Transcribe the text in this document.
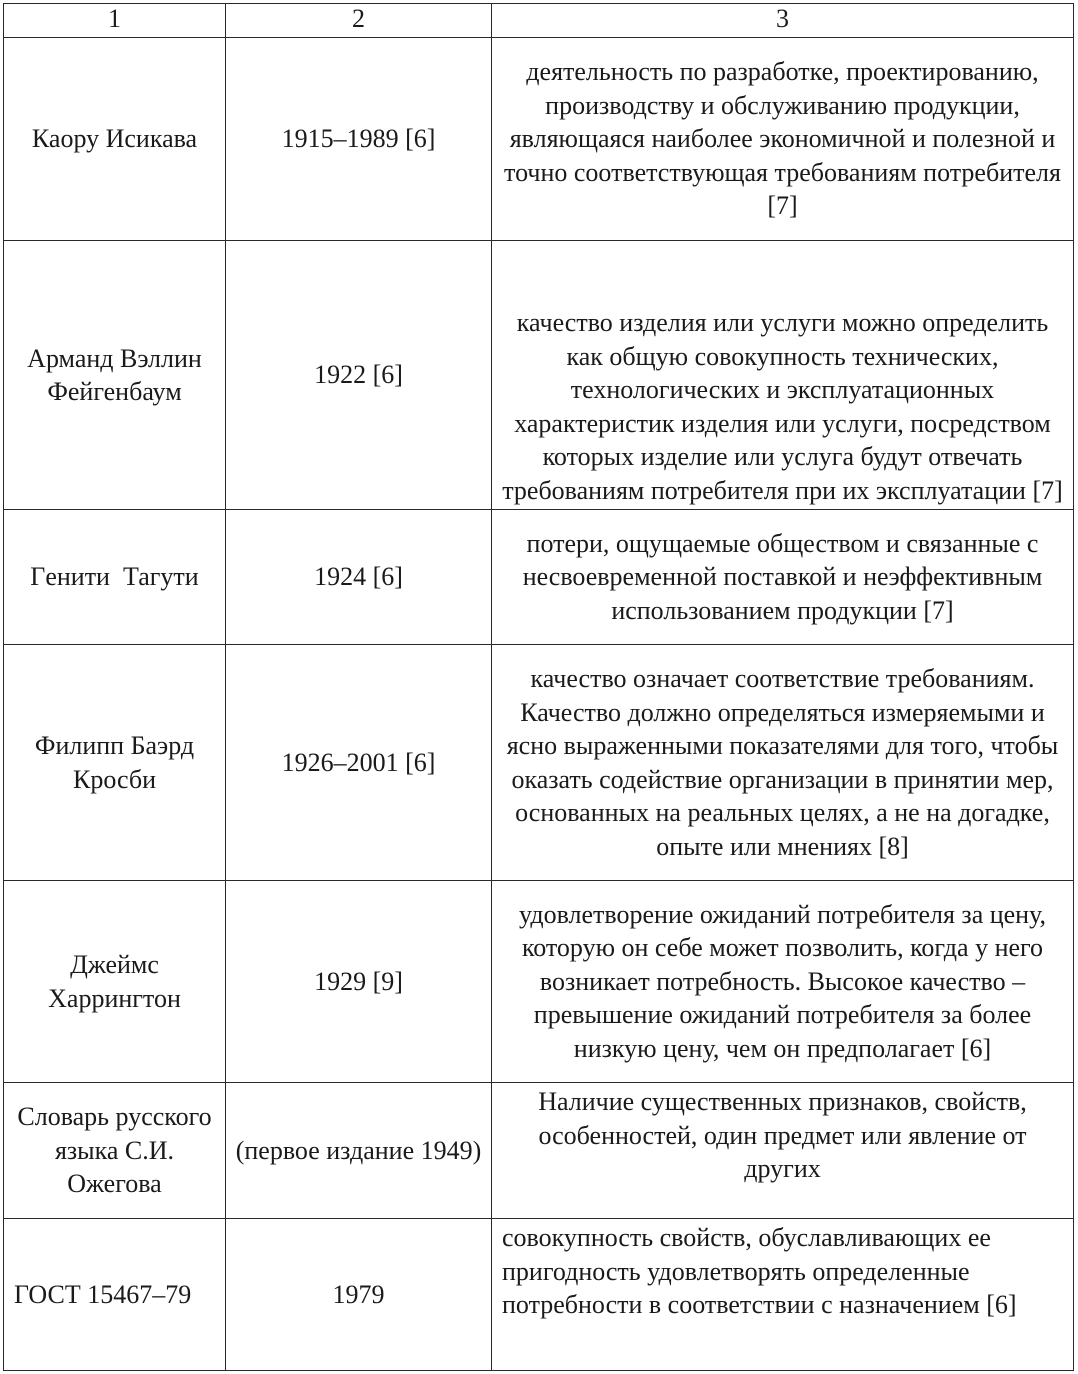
1	2	3
Каору Исикава	1915–1989 [6]	деятельность по разработке, проектированию, производству и обслуживанию продукции, являющаяся наиболее экономичной и полезной и точно соответствующая требованиям потребителя [7]
Арманд Вэллин Фейгенбаум	1922 [6]	качество изделия или услуги можно определить как общую совокупность технических, технологических и эксплуатационных характеристик изделия или услуги, посредством которых изделие или услуга будут отвечать требованиям потребителя при их эксплуатации [7]
Гeнити  Тагути	1924 [6]	потери, ощущаемые обществом и связанные с несвоевременной поставкой и неэффективным использованием продукции [7]
Филипп Баэрд Кросби	1926–2001 [6]	качество означает соответствие требованиям. Качество должно определяться измеряемыми и ясно выраженными показателями для того, чтобы оказать содействие организации в принятии мер, основанных на реальных целях, а не на догадке, опыте или мнениях [8]
Джеймс Харрингтон	1929 [9]	удовлетворение ожиданий потребителя за цену, которую он себе может позволить, когда у него возникает потребность. Высокое качество – превышение ожиданий потребителя за более низкую цену, чем он предполагает [6]
Словарь русского языка С.И. Ожегова	(первое издание 1949)	Наличие существенных признаков, свойств, особенностей, один предмет или явление от других
ГОСТ 15467–79	1979	совокупность свойств, обуславливающих ее пригодность удовлетворять определенные потребности в соответствии с назначением [6]
